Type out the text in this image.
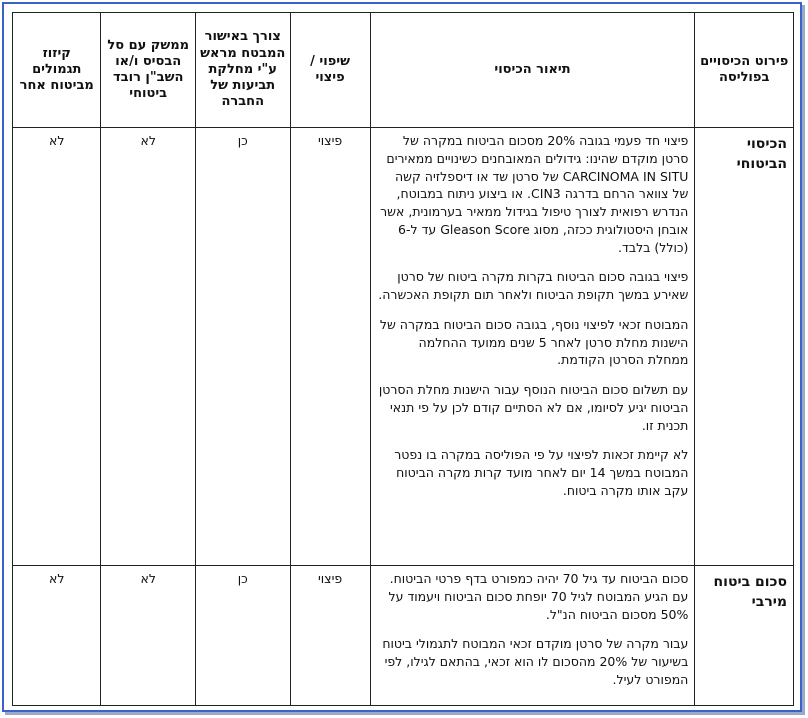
פירוט הכיסויים בפוליסה	תיאור הכיסוי	שיפוי / פיצוי	צורך באישור המבטח מראש ע"י מחלקת תביעות של החברה	ממשק עם סל הבסיס ו/או השב"ן רובד ביטוחי	קיזוז תגמולים מביטוח אחר
הכיסוי הביטוחי	פיצוי חד פעמי בגובה 20% מסכום הביטוח במקרה של סרטן מוקדם שהינו: גידולים המאובחנים כשינויים ממאירים CARCINOMA IN SITU של סרטן שד או דיספלזיה קשה של צוואר הרחם בדרגה CIN3. או ביצוע ניתוח במבוטח, הנדרש רפואית לצורך טיפול בגידול ממאיר בערמונית, אשר אובחן היסטולוגית ככזה, מסוג Gleason Score עד ל-6 (כולל) בלבד.

פיצוי בגובה סכום הביטוח בקרות מקרה ביטוח של סרטן שאירע במשך תקופת הביטוח ולאחר תום תקופת האכשרה.

המבוטח זכאי לפיצוי נוסף, בגובה סכום הביטוח במקרה של הישנות מחלת סרטן לאחר 5 שנים ממועד ההחלמה ממחלת הסרטן הקודמת.

עם תשלום סכום הביטוח הנוסף עבור הישנות מחלת הסרטן הביטוח יגיע לסיומו, אם לא הסתיים קודם לכן על פי תנאי תכנית זו.

לא קיימת זכאות לפיצוי על פי הפוליסה במקרה בו נפטר המבוטח במשך 14 יום לאחר מועד קרות מקרה הביטוח עקב אותו מקרה ביטוח.	פיצוי	כן	לא	לא
סכום ביטוח מירבי	סכום הביטוח עד גיל 70 יהיה כמפורט בדף פרטי הביטוח. עם הגיע המבוטח לגיל 70 יופחת סכום הביטוח ויעמוד על 50% מסכום הביטוח הנ"ל.

עבור מקרה של סרטן מוקדם זכאי המבוטח לתגמולי ביטוח בשיעור של 20% מהסכום לו הוא זכאי, בהתאם לגילו, לפי המפורט לעיל.	פיצוי	כן	לא	לא
